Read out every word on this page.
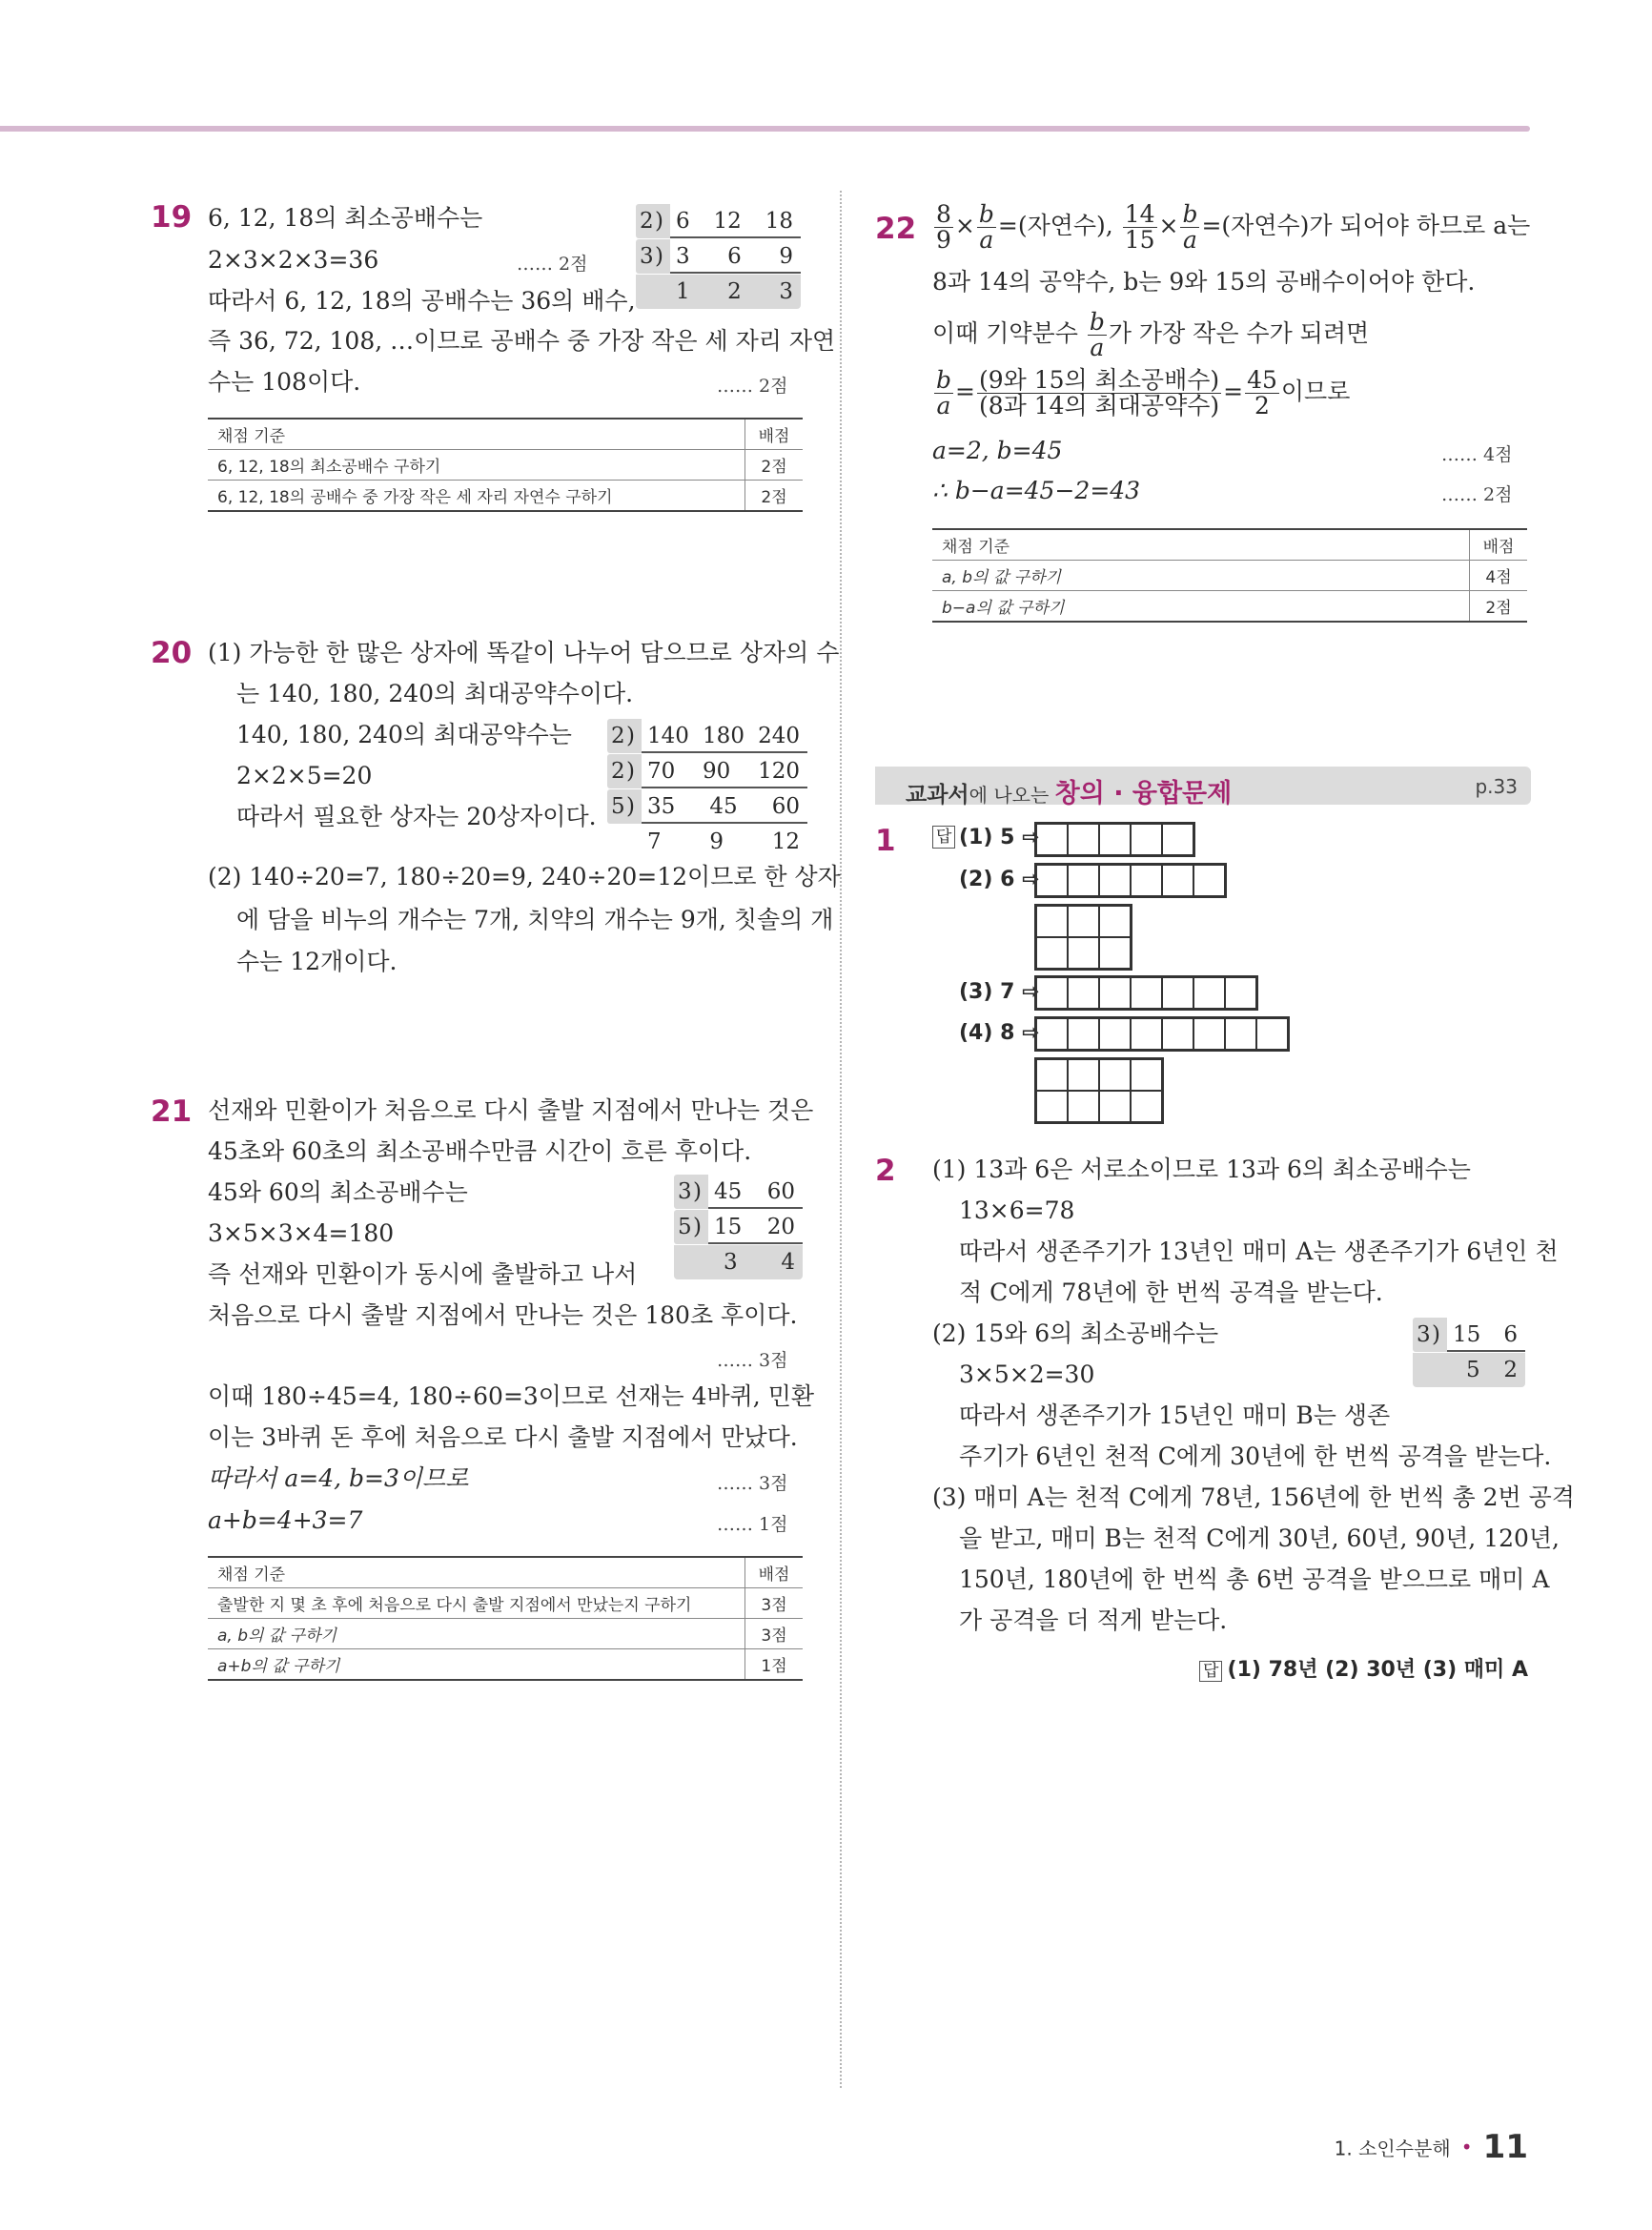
19 6, 12, 18의 최소공배수는
2×3×2×3=36	…… 2점
따라서 6, 12, 18의 공배수는 36의 배수,
즉 36, 72, 108, …이므로 공배수 중 가장 작은 세 자리 자연
수는 108이다.	…… 2점
2 ) 6 12 18
3 ) 3 6 9
1 2 3
채점 기준	배점
6, 12, 18의 최소공배수 구하기	2점
6, 12, 18의 공배수 중 가장 작은 세 자리 자연수 구하기	2점
20 (1) 가능한 한 많은 상자에 똑같이 나누어 담으므로 상자의 수
는 140, 180, 240의 최대공약수이다.
140, 180, 240의 최대공약수는
2×2×5=20
따라서 필요한 상자는 20상자이다.
2 ) 140 180 240
2 ) 70 90 120
5 ) 35 45 60
7 9 12
(2) 140÷20=7, 180÷20=9, 240÷20=12이므로 한 상자
에 담을 비누의 개수는 7개, 치약의 개수는 9개, 칫솔의 개
수는 12개이다.
21 선재와 민환이가 처음으로 다시 출발 지점에서 만나는 것은
45초와 60초의 최소공배수만큼 시간이 흐른 후이다.
45와 60의 최소공배수는
3×5×3×4=180
즉 선재와 민환이가 동시에 출발하고 나서
처음으로 다시 출발 지점에서 만나는 것은 180초 후이다.
…… 3점
이때 180÷45=4, 180÷60=3이므로 선재는 4바퀴, 민환
이는 3바퀴 돈 후에 처음으로 다시 출발 지점에서 만났다.
따라서 a=4, b=3이므로	…… 3점
a+b=4+3=7	…… 1점
3 ) 45 60
5 ) 15 20
3 4
채점 기준	배점
출발한 지 몇 초 후에 처음으로 다시 출발 지점에서 만났는지 구하기	3점
a, b의 값 구하기	3점
a+b의 값 구하기	1점
$22 \frac{8}{9} \times \frac{b}{a}$ =(자연수), $\frac{14}{15} \times \frac{b}{a}$ =(자연수)가 되어야 하므로 a는
8과 14의 공약수, b는 9와 15의 공배수이어야 한다.
이때 기약분수 $\frac{b}{a}$ 가 가장 작은 수가 되려면
$\frac{b}{a} = \frac{\text{(9와 15의 최소공배수)}}{\text{(8과 14의 최대공약수)}} = \frac{45}{2}$ 이므로
a=2, b=45	…… 4점
∴ b−a=45−2=43	…… 2점
채점 기준	배점
a, b의 값 구하기	4점
b−a의 값 구하기	2점
교과서에 나오는 창의 · 융합문제	p.33
1 답 (1) 5 ⇨
(2) 6 ⇨
(3) 7 ⇨
(4) 8 ⇨
2 (1) 13과 6은 서로소이므로 13과 6의 최소공배수는
13×6=78
따라서 생존주기가 13년인 매미 A는 생존주기가 6년인 천
적 C에게 78년에 한 번씩 공격을 받는다.
(2) 15와 6의 최소공배수는
3×5×2=30
따라서 생존주기가 15년인 매미 B는 생존
주기가 6년인 천적 C에게 30년에 한 번씩 공격을 받는다.
3 ) 15 6
5 2
(3) 매미 A는 천적 C에게 78년, 156년에 한 번씩 총 2번 공격
을 받고, 매미 B는 천적 C에게 30년, 60년, 90년, 120년,
150년, 180년에 한 번씩 총 6번 공격을 받으므로 매미 A
가 공격을 더 적게 받는다.
답 (1) 78년 (2) 30년 (3) 매미 A
1. 소인수분해 • 11
